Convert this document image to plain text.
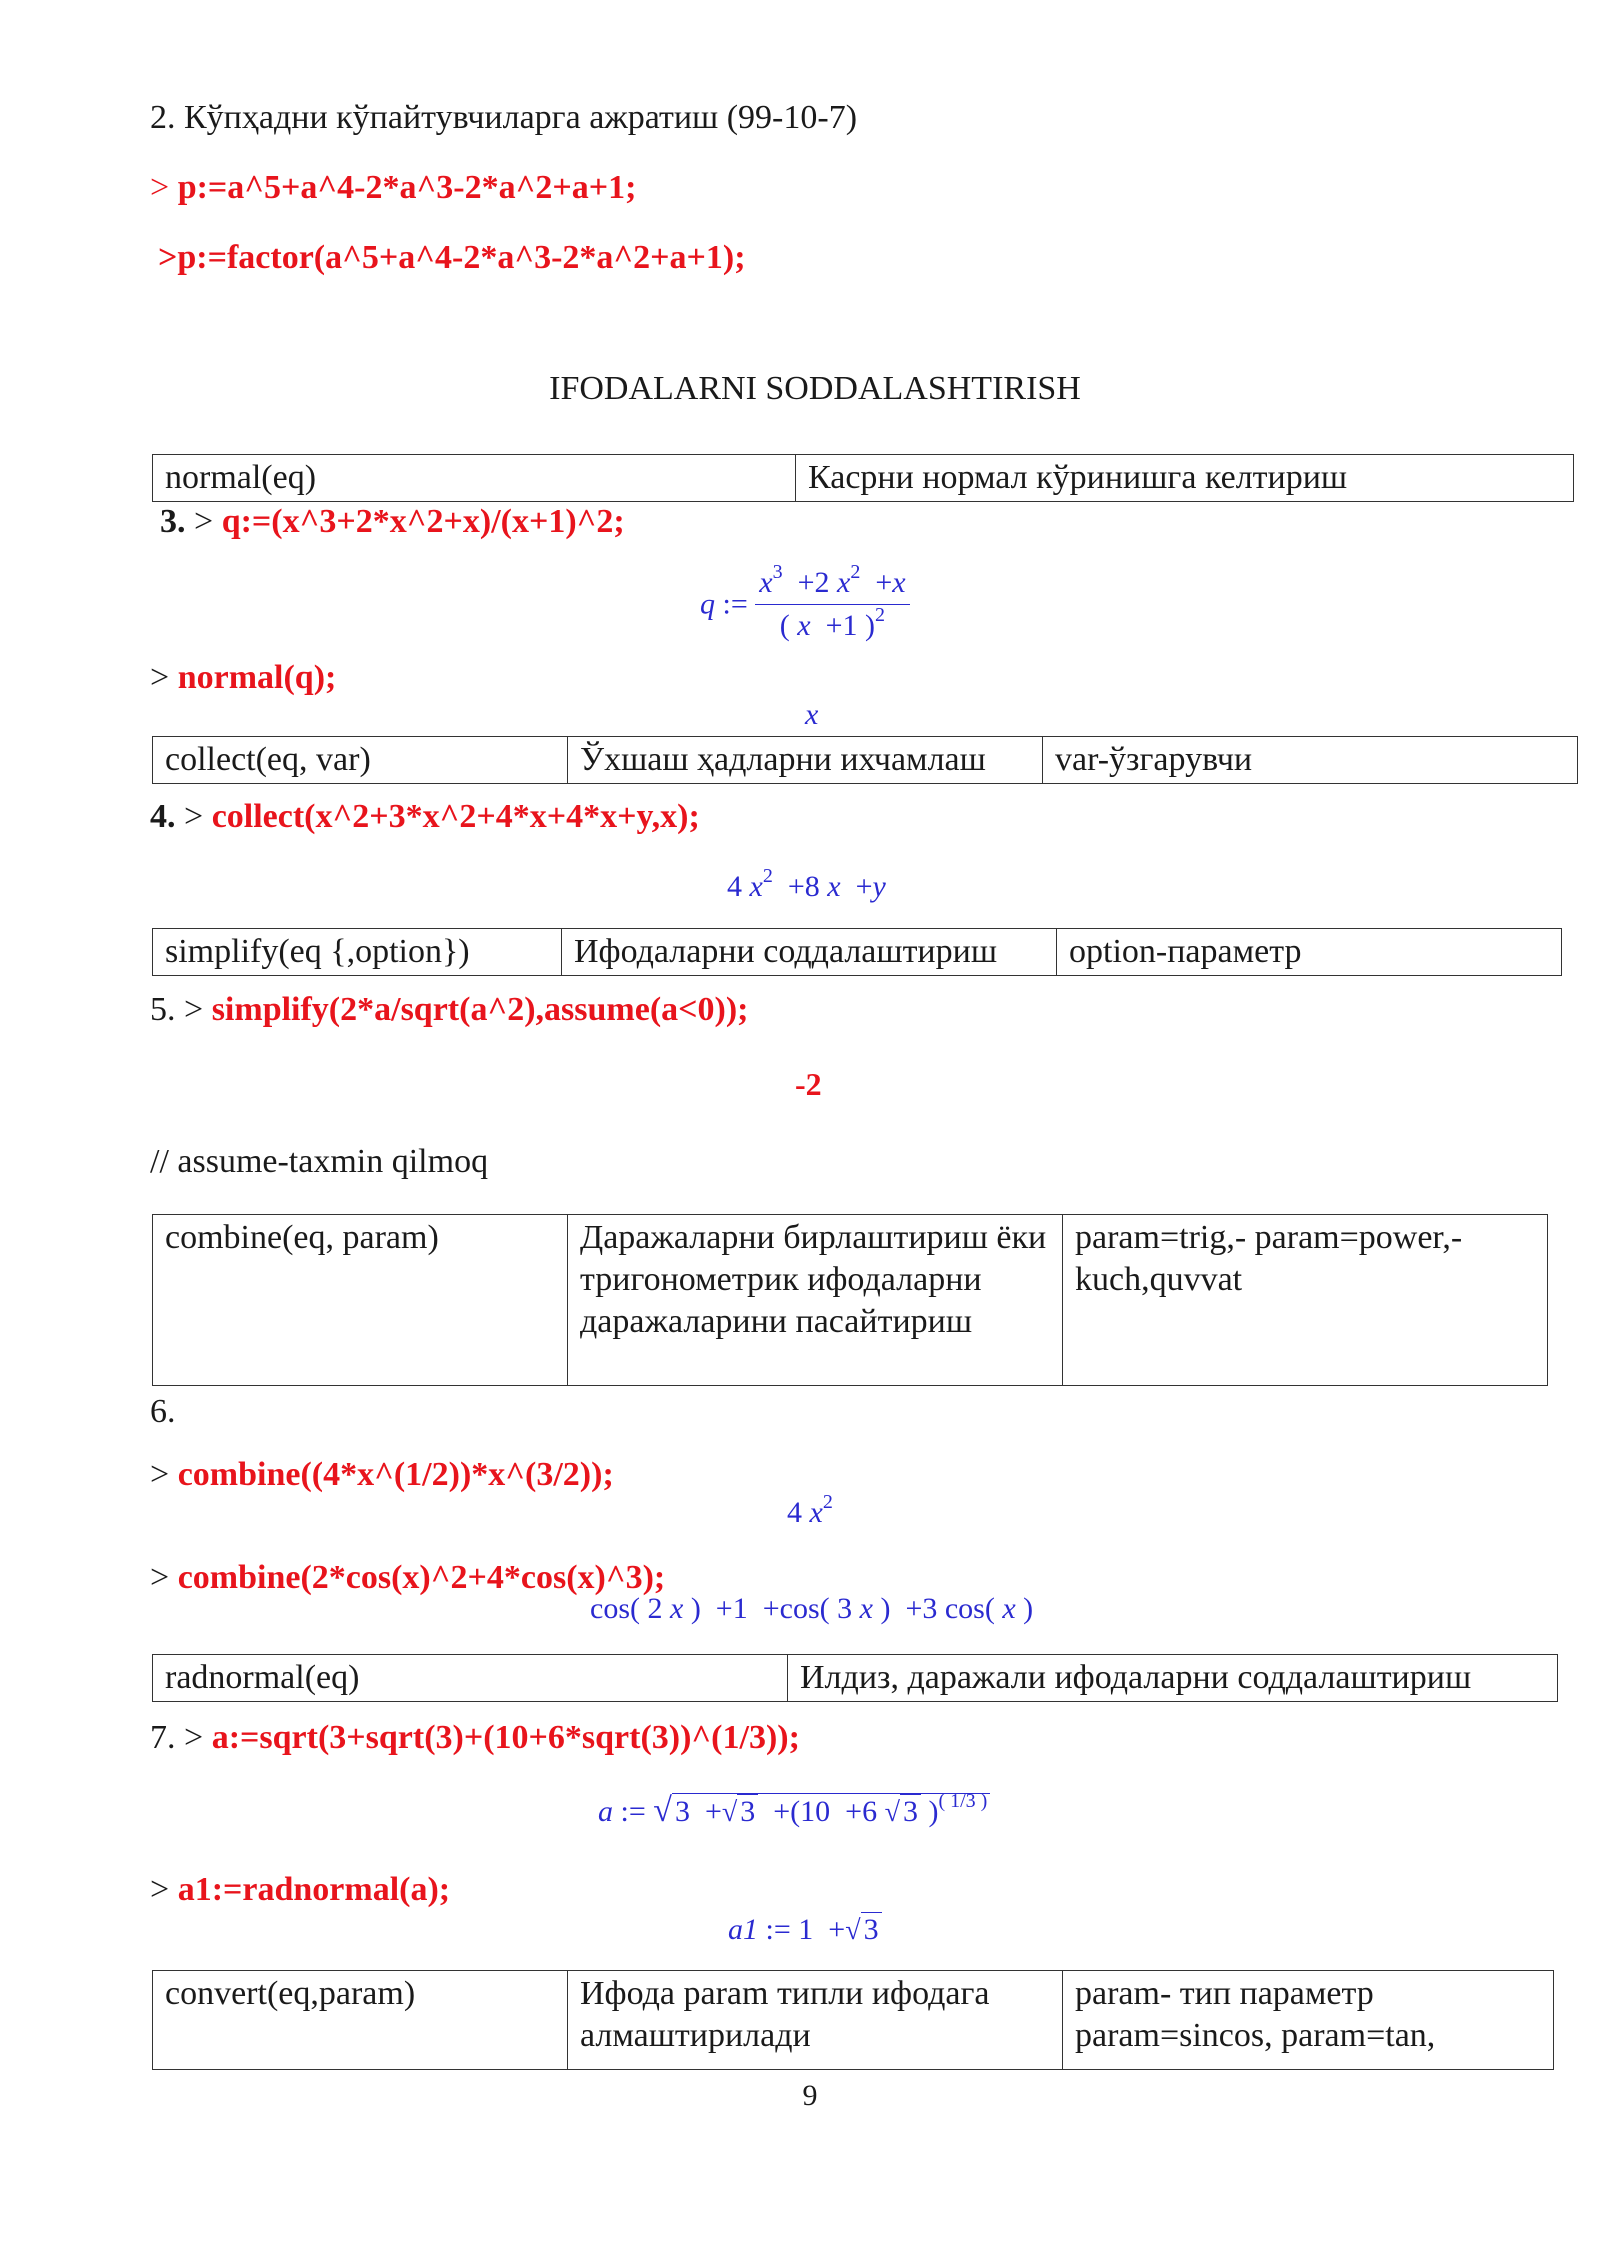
2. Кўпҳадни кўпайтувчиларга ажратиш (99-10-7)
> p:=a^5+a^4-2*a^3-2*a^2+a+1;
>p:=factor(a^5+a^4-2*a^3-2*a^2+a+1);
IFODALARNI SODDALASHTIRISH
normal(eq)	Касрни нормал кўринишга келтириш
3. > q:=(x^3+2*x^2+x)/(x+1)^2;
q := $\frac{x^3 +2 x^2 +x}{( x +1 )^2}$
> normal(q);
x
collect(eq, var)	Ўхшаш ҳадларни ихчамлаш	var-ўзгарувчи
4. > collect(x^2+3*x^2+4*x+4*x+y,x);
4 $x^2 +8$ x  +y
simplify(eq {,option})	Ифодаларни соддалаштириш	option-параметр
5. > simplify(2*a/sqrt(a^2),assume(a<0));
-2
// assume-taxmin qilmoq
combine(eq, param)	Даражаларни бирлаштириш ёки тригонометрик ифодаларни даражаларини пасайтириш	param=trig,- param=power,-kuch,quvvat
6.
> combine((4*x^(1/2))*x^(3/2));
4 $x^2$
> combine(2*cos(x)^2+4*cos(x)^3);
cos( 2 x )  +1  +cos( 3 x )  +3 cos( x )
radnormal(eq)	Илдиз, даражали ифодаларни соддалаштириш
7. > a:=sqrt(3+sqrt(3)+(10+6*sqrt(3))^(1/3));
a := √ 3  +√ 3  +(10  +6 √ 3 )$^{( 1/3 )}$
> a1:=radnormal(a);
a1 := 1  +√ 3
convert(eq,param)	Ифода param типли ифодага алмаштирилади	param- тип параметр param=sincos, param=tan,
9
